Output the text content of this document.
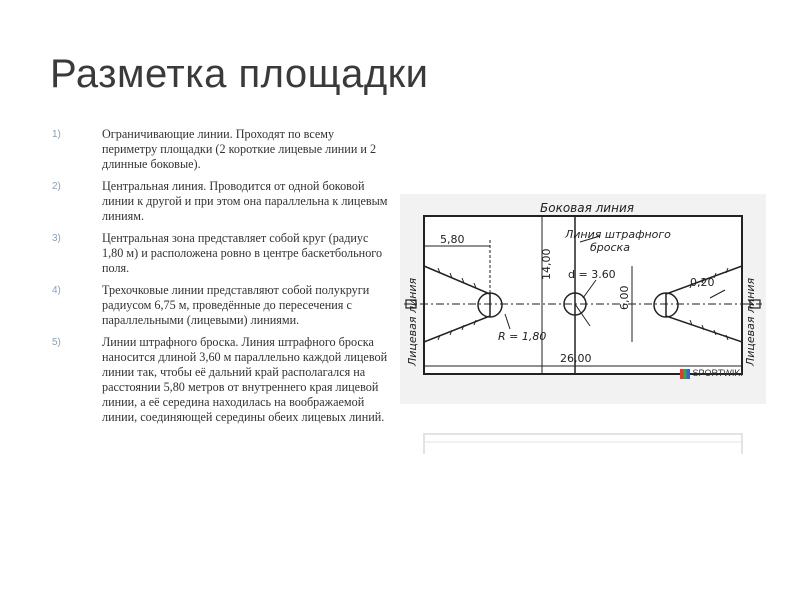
Разметка площадки
1)	Ограничивающие линии. Проходят по всему периметру площадки (2 короткие лицевые линии и 2 длинные боковые).
2)	Центральная линия. Проводится от одной боковой линии к другой и при этом она параллельна к лицевым линиям.
3)	Центральная зона представляет собой круг (радиус 1,80 м) и расположена ровно в центре баскетбольного поля.
4)	Трехочковые линии представляют собой полукруги радиусом 6,75 м, проведённые до пересечения с параллельными (лицевыми) линиями.
5)	Линии штрафного броска. Линия штрафного броска наносится длиной 3,60 м параллельно каждой лицевой линии так, чтобы её дальний край располагался на расстоянии 5,80 метров от внутреннего края лицевой линии, а её середина находилась на воображаемой линии, соединяющей середины обеих лицевых линий.
Боковая линия
Линия штрафного
броска
5,80
14,00 d = 3.60
6,00
0,20
R = 1,80
26,00
Лицевая линия	Лицевая линия
SPORTWIKI
